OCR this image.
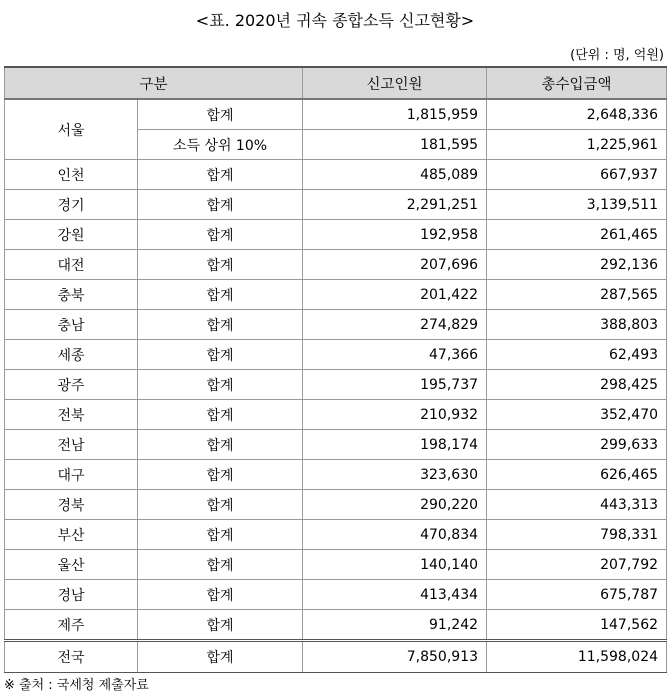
<표. 2020년 귀속 종합소득 신고현황>
(단위 : 명, 억원)
구분		신고인원	총수입금액
서울	합계	1,815,959	2,648,336
	소득 상위 10%	181,595	1,225,961
인천	합계	485,089	667,937
경기	합계	2,291,251	3,139,511
강원	합계	192,958	261,465
대전	합계	207,696	292,136
충북	합계	201,422	287,565
충남	합계	274,829	388,803
세종	합계	47,366	62,493
광주	합계	195,737	298,425
전북	합계	210,932	352,470
전남	합계	198,174	299,633
대구	합계	323,630	626,465
경북	합계	290,220	443,313
부산	합계	470,834	798,331
울산	합계	140,140	207,792
경남	합계	413,434	675,787
제주	합계	91,242	147,562
전국	합계	7,850,913	11,598,024
※ 출처 : 국세청 제출자료
